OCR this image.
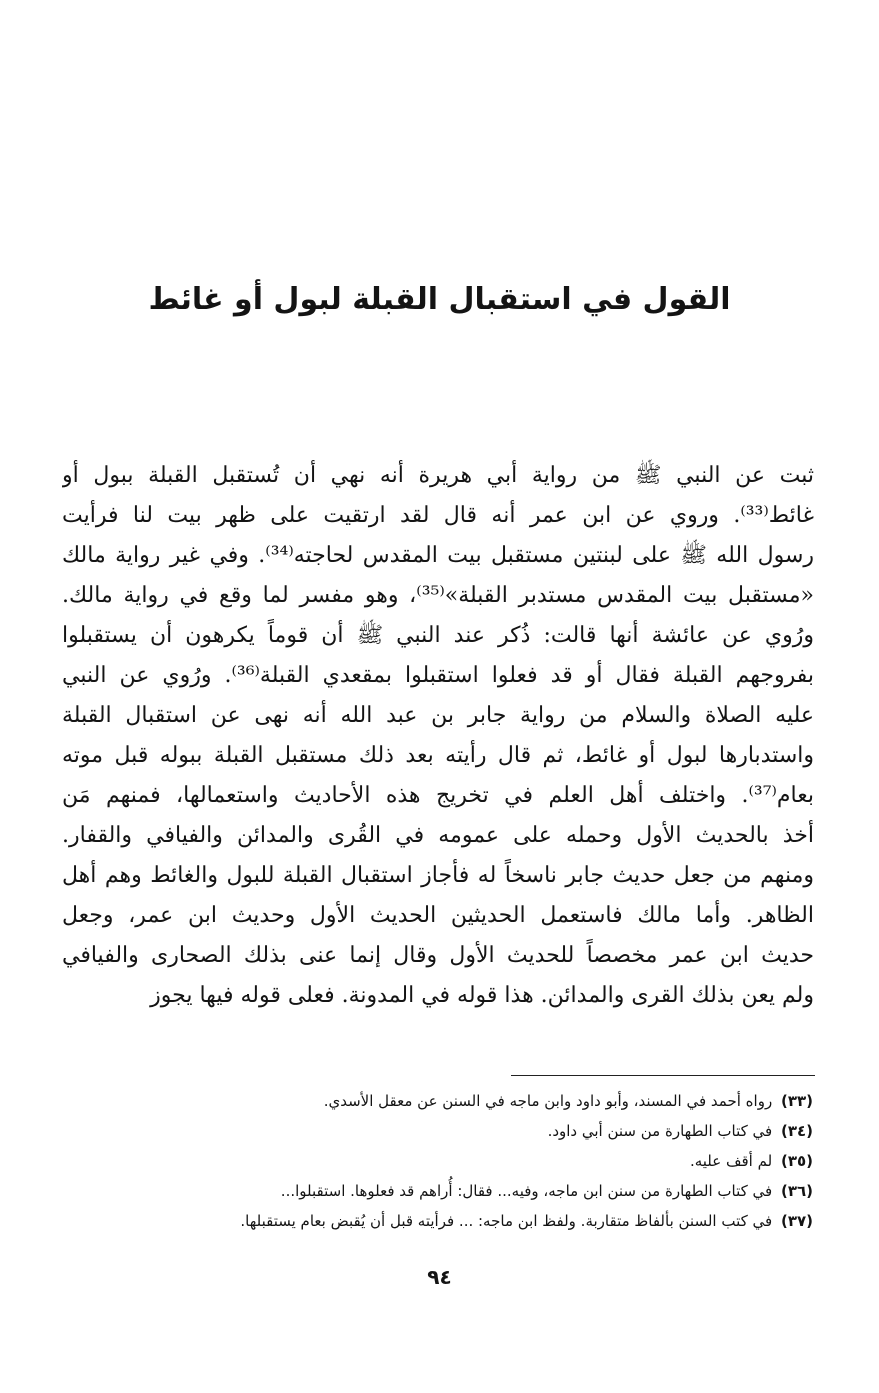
القول في استقبال القبلة لبول أو غائط
ثبت عن النبي ﷺ من رواية أبي هريرة أنه نهي أن تُستقبل القبلة ببول أو
غائط⁽³³⁾. وروي عن ابن عمر أنه قال لقد ارتقيت على ظهر بيت لنا فرأيت
رسول الله ﷺ على لبنتين مستقبل بيت المقدس لحاجته⁽³⁴⁾. وفي غير رواية مالك
«مستقبل بيت المقدس مستدبر القبلة»⁽³⁵⁾، وهو مفسر لما وقع في رواية مالك.
ورُوي عن عائشة أنها قالت: ذُكر عند النبي ﷺ أن قوماً يكرهون أن يستقبلوا
بفروجهم القبلة فقال أو قد فعلوا استقبلوا بمقعدي القبلة⁽³⁶⁾. ورُوي عن النبي
عليه الصلاة والسلام من رواية جابر بن عبد الله أنه نهى عن استقبال القبلة
واستدبارها لبول أو غائط، ثم قال رأيته بعد ذلك مستقبل القبلة ببوله قبل موته
بعام⁽³⁷⁾. واختلف أهل العلم في تخريج هذه الأحاديث واستعمالها، فمنهم مَن
أخذ بالحديث الأول وحمله على عمومه في القُرى والمدائن والفيافي والقفار.
ومنهم من جعل حديث جابر ناسخاً له فأجاز استقبال القبلة للبول والغائط وهم أهل
الظاهر. وأما مالك فاستعمل الحديثين الحديث الأول وحديث ابن عمر، وجعل
حديث ابن عمر مخصصاً للحديث الأول وقال إنما عنى بذلك الصحارى والفيافي
ولم يعن بذلك القرى والمدائن. هذا قوله في المدونة. فعلى قوله فيها يجوز
(٣٣) رواه أحمد في المسند، وأبو داود وابن ماجه في السنن عن معقل الأسدي.
(٣٤) في كتاب الطهارة من سنن أبي داود.
(٣٥) لم أقف عليه.
(٣٦) في كتاب الطهارة من سنن ابن ماجه، وفيه... فقال: أُراهم قد فعلوها. استقبلوا...
(٣٧) في كتب السنن بألفاظ متقاربة. ولفظ ابن ماجه: ... فرأيته قبل أن يُقبض بعام يستقبلها.
٩٤
